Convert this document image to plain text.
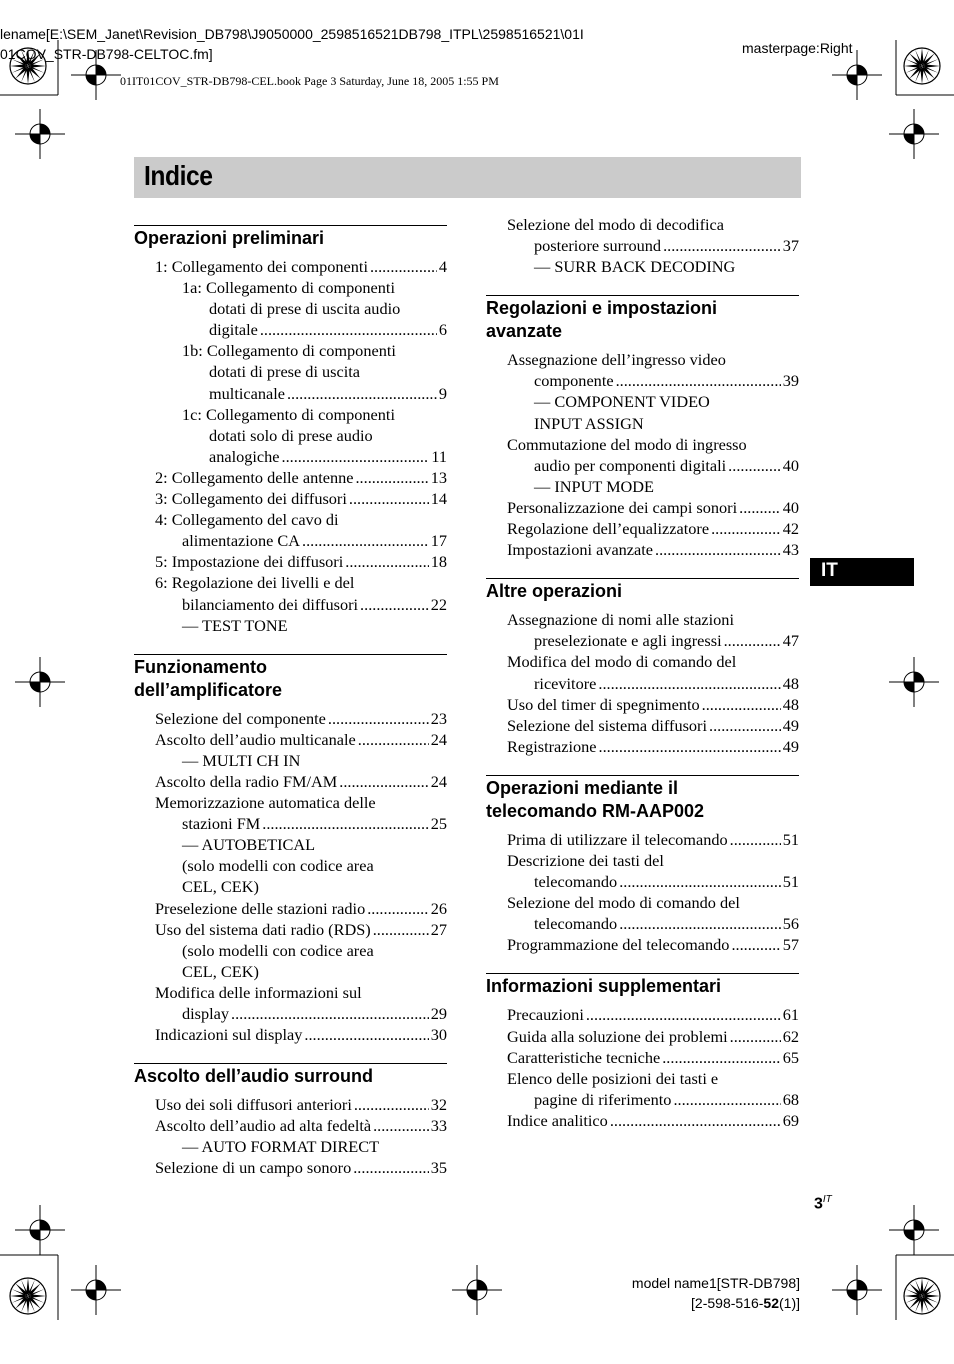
lename[E:\SEM_Janet\Revision_DB798\J9050000_2598516521DB798_ITPL\2598516521\01I
01COV_STR-DB798-CELTOC.fm]	masterpage:Right
01IT01COV_STR-DB798-CEL.book Page 3 Saturday, June 18, 2005 1:55 PM
Indice
Operazioni preliminari
1: Collegamento dei componenti .....	4
1a: Collegamento di componenti
dotati di prese di uscita audio
digitale .....	6
1b: Collegamento di componenti
dotati di prese di uscita
multicanale .....	9
1c: Collegamento di componenti
dotati solo di prese audio
analogiche .....	11
2: Collegamento delle antenne .....	13
3: Collegamento dei diffusori .....	14
4: Collegamento del cavo di
alimentazione CA .....	17
5: Impostazione dei diffusori .....	18
6: Regolazione dei livelli e del
bilanciamento dei diffusori .....	22
— TEST TONE
Funzionamento
dell’amplificatore
Selezione del componente .....	23
Ascolto dell’audio multicanale .....	24
— MULTI CH IN
Ascolto della radio FM/AM .....	24
Memorizzazione automatica delle
stazioni FM .....	25
— AUTOBETICAL
(solo modelli con codice area
CEL, CEK)
Preselezione delle stazioni radio .....	26
Uso del sistema dati radio (RDS) .....	27
(solo modelli con codice area
CEL, CEK)
Modifica delle informazioni sul
display .....	29
Indicazioni sul display .....	30
Ascolto dell’audio surround
Uso dei soli diffusori anteriori .....	32
Ascolto dell’audio ad alta fedeltà .....	33
— AUTO FORMAT DIRECT
Selezione di un campo sonoro .....	35
Selezione del modo di decodifica
posteriore surround .....	37
— SURR BACK DECODING
Regolazioni e impostazioni
avanzate
Assegnazione dell’ingresso video
componente .....	39
— COMPONENT VIDEO
INPUT ASSIGN
Commutazione del modo di ingresso
audio per componenti digitali .....	40
— INPUT MODE
Personalizzazione dei campi sonori .....	40
Regolazione dell’equalizzatore .....	42
Impostazioni avanzate .....	43
Altre operazioni
Assegnazione di nomi alle stazioni
preselezionate e agli ingressi .....	47
Modifica del modo di comando del
ricevitore .....	48
Uso del timer di spegnimento .....	48
Selezione del sistema diffusori .....	49
Registrazione .....	49
Operazioni mediante il
telecomando RM-AAP002
Prima di utilizzare il telecomando .....	51
Descrizione dei tasti del
telecomando .....	51
Selezione del modo di comando del
telecomando .....	56
Programmazione del telecomando .....	57
Informazioni supplementari
Precauzioni .....	61
Guida alla soluzione dei problemi .....	62
Caratteristiche tecniche .....	65
Elenco delle posizioni dei tasti e
pagine di riferimento .....	68
Indice analitico .....	69
IT
$3^{IT}$
model name1[STR-DB798]
[2-598-516-52(1)]
